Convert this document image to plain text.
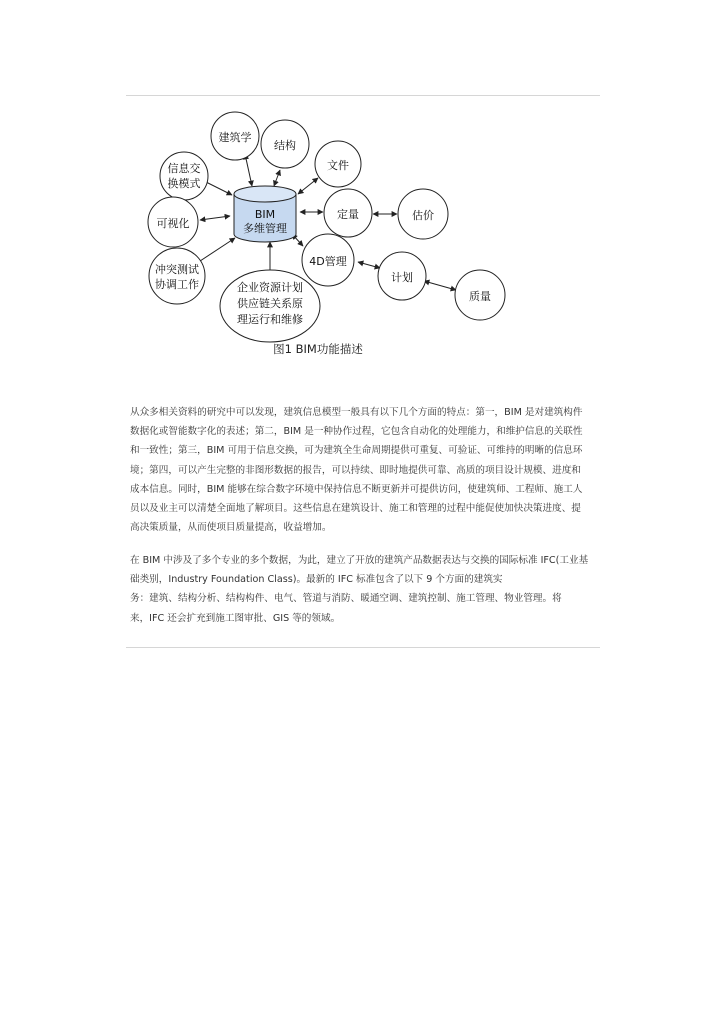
BIM
多维管理
建筑学
结构
文件
信息交
换模式
可视化
定量	估价
冲突测试
协调工作	企业资源计划
供应链关系原
理运行和维修
4D管理
计划
质量
图1 BIM功能描述
从众多相关资料的研究中可以发现，建筑信息模型一般具有以下几个方面的特点：第一，BIM 是对建筑构件
数据化或智能数字化的表述；第二，BIM 是一种协作过程，它包含自动化的处理能力，和维护信息的关联性
和一致性；第三，BIM 可用于信息交换，可为建筑全生命周期提供可重复、可验证、可维持的明晰的信息环
境；第四，可以产生完整的非图形数据的报告，可以持续、即时地提供可靠、高质的项目设计规模、进度和
成本信息。同时，BIM 能够在综合数字环境中保持信息不断更新并可提供访问，使建筑师、工程师、施工人
员以及业主可以清楚全面地了解项目。这些信息在建筑设计、施工和管理的过程中能促使加快决策进度、提
高决策质量，从而使项目质量提高，收益增加。
在 BIM 中涉及了多个专业的多个数据，为此，建立了开放的建筑产品数据表达与交换的国际标准 IFC(工业基
础类别，Industry Foundation Class)。最新的 IFC 标准包含了以下 9 个方面的建筑实
务：建筑、结构分析、结构构件、电气、管道与消防、暖通空调、建筑控制、施工管理、物业管理。将
来，IFC 还会扩充到施工图审批、GIS 等的领域。
